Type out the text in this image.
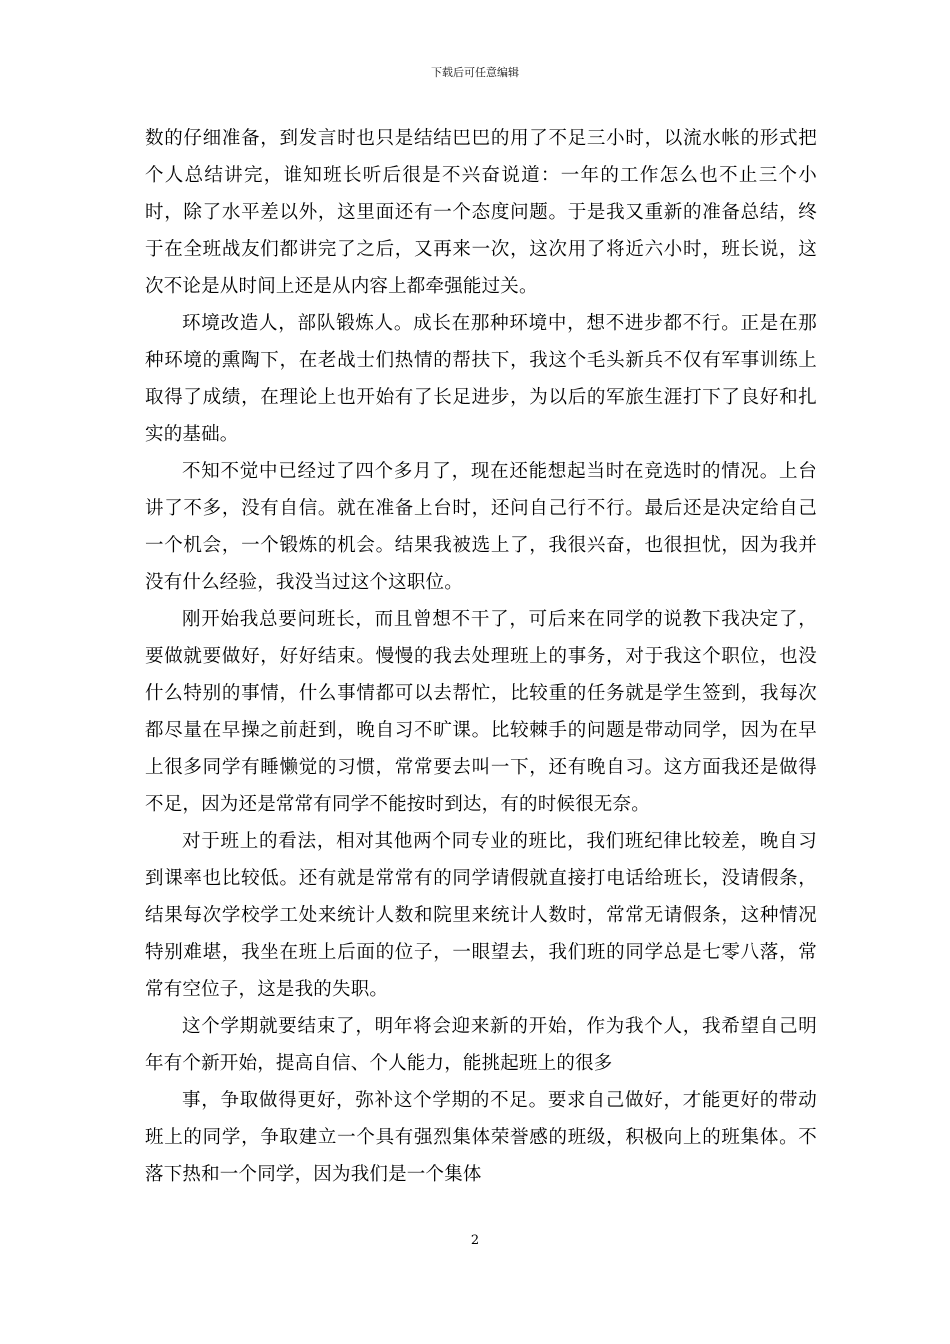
下载后可任意编辑

数的仔细准备，到发言时也只是结结巴巴的用了不足三小时，以流水帐的形式把个人总结讲完，谁知班长听后很是不兴奋说道：一年的工作怎么也不止三个小时，除了水平差以外，这里面还有一个态度问题。于是我又重新的准备总结，终于在全班战友们都讲完了之后，又再来一次，这次用了将近六小时，班长说，这次不论是从时间上还是从内容上都牵强能过关。

环境改造人，部队锻炼人。成长在那种环境中，想不进步都不行。正是在那种环境的熏陶下，在老战士们热情的帮扶下，我这个毛头新兵不仅有军事训练上取得了成绩，在理论上也开始有了长足进步，为以后的军旅生涯打下了良好和扎实的基础。

不知不觉中已经过了四个多月了，现在还能想起当时在竞选时的情况。上台讲了不多，没有自信。就在准备上台时，还问自己行不行。最后还是决定给自己一个机会，一个锻炼的机会。结果我被选上了，我很兴奋，也很担忧，因为我并没有什么经验，我没当过这个这职位。

刚开始我总要问班长，而且曾想不干了，可后来在同学的说教下我决定了，要做就要做好，好好结束。慢慢的我去处理班上的事务，对于我这个职位，也没什么特别的事情，什么事情都可以去帮忙，比较重的任务就是学生签到，我每次都尽量在早操之前赶到，晚自习不旷课。比较棘手的问题是带动同学，因为在早上很多同学有睡懒觉的习惯，常常要去叫一下，还有晚自习。这方面我还是做得不足，因为还是常常有同学不能按时到达，有的时候很无奈。

对于班上的看法，相对其他两个同专业的班比，我们班纪律比较差，晚自习到课率也比较低。还有就是常常有的同学请假就直接打电话给班长，没请假条，结果每次学校学工处来统计人数和院里来统计人数时，常常无请假条，这种情况特别难堪，我坐在班上后面的位子，一眼望去，我们班的同学总是七零八落，常常有空位子，这是我的失职。

这个学期就要结束了，明年将会迎来新的开始，作为我个人，我希望自己明年有个新开始，提高自信、个人能力，能挑起班上的很多

事，争取做得更好，弥补这个学期的不足。要求自己做好，才能更好的带动班上的同学，争取建立一个具有强烈集体荣誉感的班级，积极向上的班集体。不落下热和一个同学，因为我们是一个集体

2
